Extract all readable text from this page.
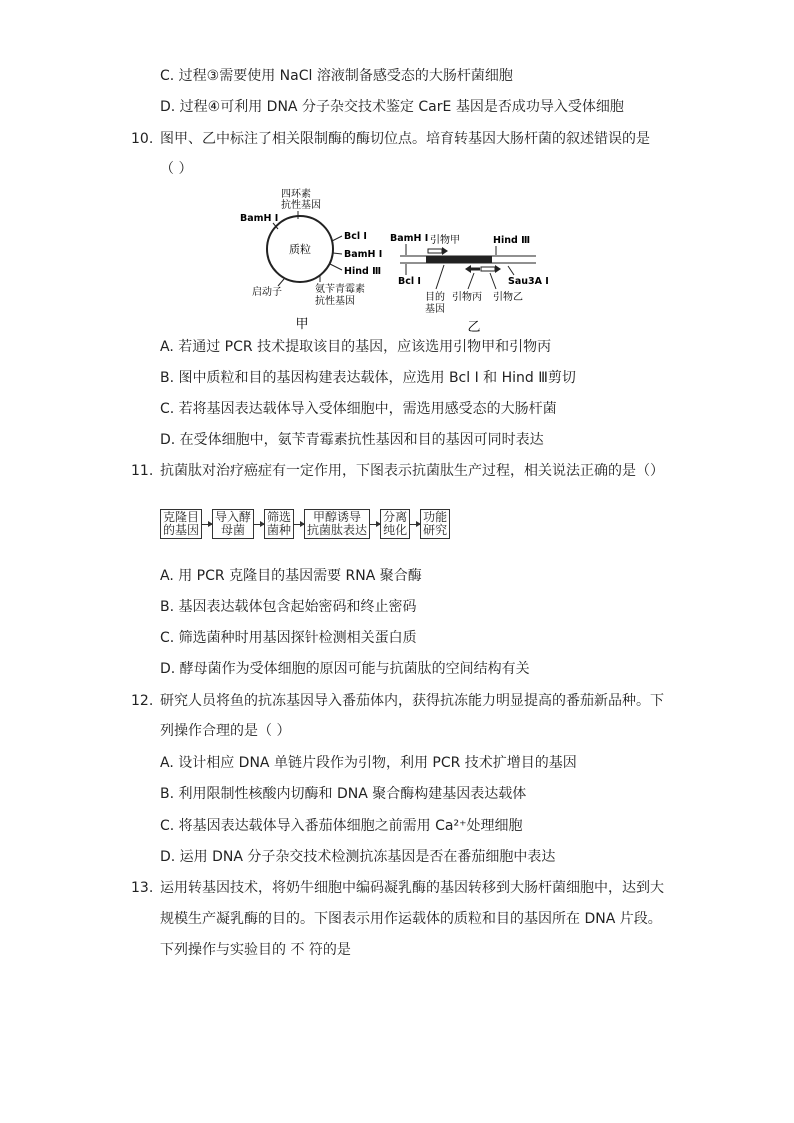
C. 过程③需要使用 NaCl 溶液制备感受态的大肠杆菌细胞
D. 过程④可利用 DNA 分子杂交技术鉴定 CarE 基因是否成功导入受体细胞
10. 图甲、乙中标注了相关限制酶的酶切位点。培育转基因大肠杆菌的叙述错误的是
（ ）
质粒
四环素
抗性基因
BamH I
Bcl I
BamH I
Hind Ⅲ
启动子	氨苄青霉素
抗性基因
甲
BamH I 引物甲	Hind Ⅲ
Bcl I	Sau3A I
目的
基因
引物丙 引物乙
乙
A. 若通过 PCR 技术提取该目的基因，应该选用引物甲和引物丙
B. 图中质粒和目的基因构建表达载体，应选用 Bcl I 和 Hind Ⅲ剪切
C. 若将基因表达载体导入受体细胞中，需选用感受态的大肠杆菌
D. 在受体细胞中，氨苄青霉素抗性基因和目的基因可同时表达
11. 抗菌肽对治疗癌症有一定作用，下图表示抗菌肽生产过程，相关说法正确的是（）
克隆目
的基因
导入酵
母菌
筛选
菌种
甲醇诱导
抗菌肽表达
分离
纯化
功能
研究
A. 用 PCR 克隆目的基因需要 RNA 聚合酶
B. 基因表达载体包含起始密码和终止密码
C. 筛选菌种时用基因探针检测相关蛋白质
D. 酵母菌作为受体细胞的原因可能与抗菌肽的空间结构有关
12. 研究人员将鱼的抗冻基因导入番茄体内，获得抗冻能力明显提高的番茄新品种。下
列操作合理的是（ ）
A. 设计相应 DNA 单链片段作为引物，利用 PCR 技术扩增目的基因
B. 利用限制性核酸内切酶和 DNA 聚合酶构建基因表达载体
C. 将基因表达载体导入番茄体细胞之前需用 Ca²⁺处理细胞
D. 运用 DNA 分子杂交技术检测抗冻基因是否在番茄细胞中表达
13. 运用转基因技术，将奶牛细胞中编码凝乳酶的基因转移到大肠杆菌细胞中，达到大
规模生产凝乳酶的目的。下图表示用作运载体的质粒和目的基因所在 DNA 片段。
下列操作与实验目的 不 符的是
